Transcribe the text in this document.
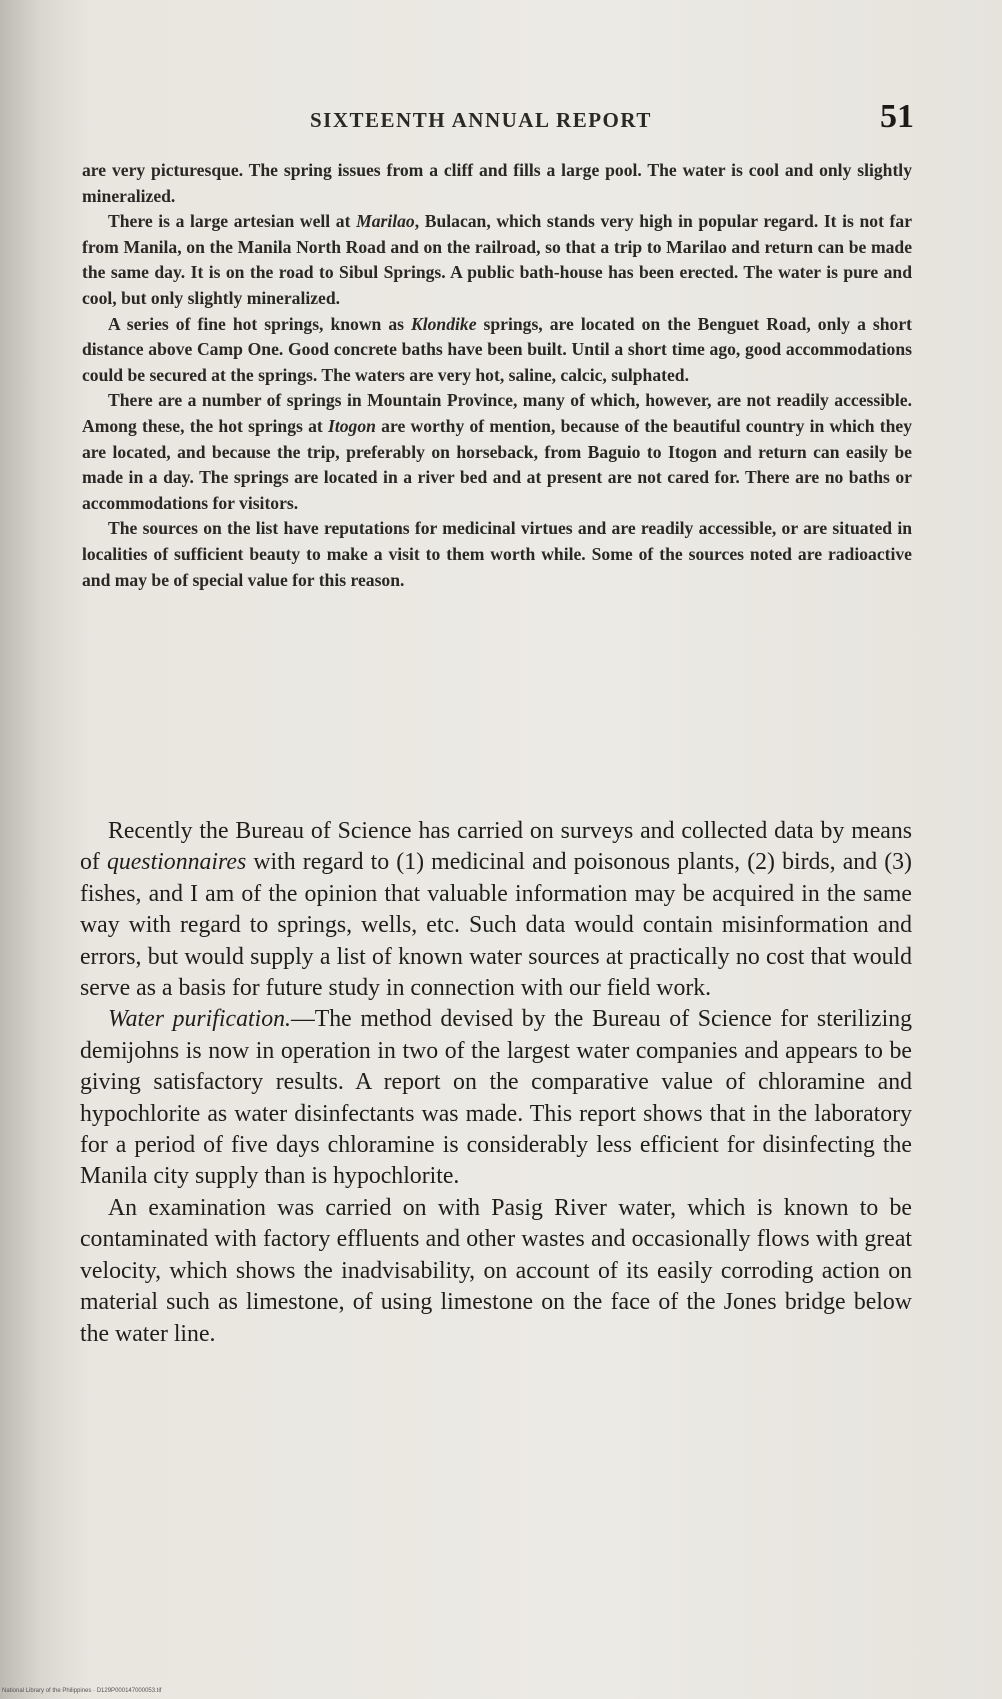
SIXTEENTH ANNUAL REPORT	51

are very picturesque. The spring issues from a cliff and fills a large pool. The water is cool and only slightly mineralized.

There is a large artesian well at Marilao, Bulacan, which stands very high in popular regard. It is not far from Manila, on the Manila North Road and on the railroad, so that a trip to Marilao and return can be made the same day. It is on the road to Sibul Springs. A public bath-house has been erected. The water is pure and cool, but only slightly mineralized.

A series of fine hot springs, known as Klondike springs, are located on the Benguet Road, only a short distance above Camp One. Good concrete baths have been built. Until a short time ago, good accommodations could be secured at the springs. The waters are very hot, saline, calcic, sulphated.

There are a number of springs in Mountain Province, many of which, however, are not readily accessible. Among these, the hot springs at Itogon are worthy of mention, because of the beautiful country in which they are located, and because the trip, preferably on horseback, from Baguio to Itogon and return can easily be made in a day. The springs are located in a river bed and at present are not cared for. There are no baths or accommodations for visitors.

The sources on the list have reputations for medicinal virtues and are readily accessible, or are situated in localities of sufficient beauty to make a visit to them worth while. Some of the sources noted are radioactive and may be of special value for this reason.

Recently the Bureau of Science has carried on surveys and collected data by means of questionnaires with regard to (1) medicinal and poisonous plants, (2) birds, and (3) fishes, and I am of the opinion that valuable information may be acquired in the same way with regard to springs, wells, etc. Such data would contain misinformation and errors, but would supply a list of known water sources at practically no cost that would serve as a basis for future study in connection with our field work.

Water purification.—The method devised by the Bureau of Science for sterilizing demijohns is now in operation in two of the largest water companies and appears to be giving satisfactory results. A report on the comparative value of chloramine and hypochlorite as water disinfectants was made. This report shows that in the laboratory for a period of five days chloramine is considerably less efficient for disinfecting the Manila city supply than is hypochlorite.

An examination was carried on with Pasig River water, which is known to be contaminated with factory effluents and other wastes and occasionally flows with great velocity, which shows the inadvisability, on account of its easily corroding action on material such as limestone, of using limestone on the face of the Jones bridge below the water line.

National Library of the Philippines · D129P000147000053.tif
